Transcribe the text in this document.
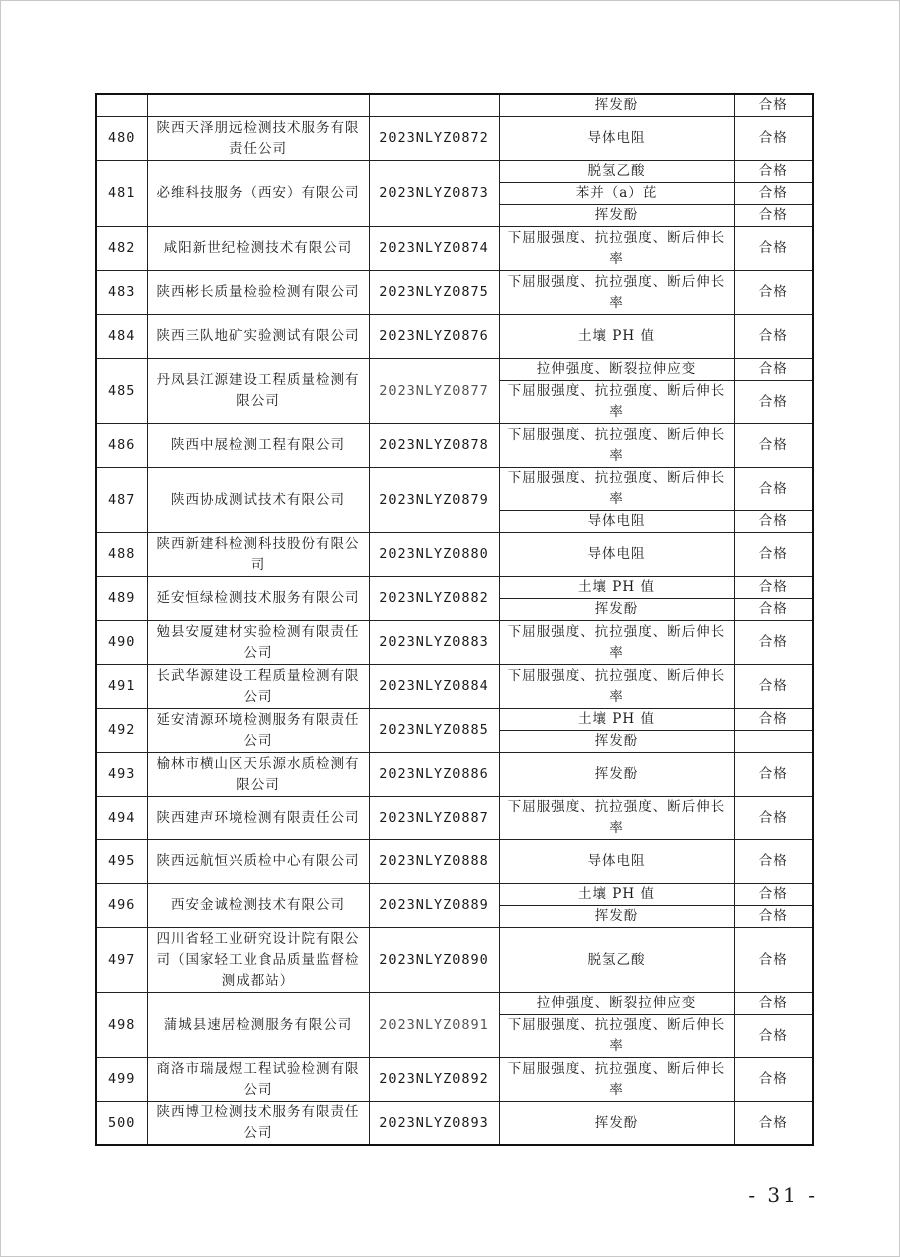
			挥发酚	合格
480	陕西天泽朋远检测技术服务有限责任公司	2023NLYZ0872	导体电阻	合格
481	必维科技服务（西安）有限公司	2023NLYZ0873	脱氢乙酸	合格
			苯并（a）芘	合格
			挥发酚	合格
482	咸阳新世纪检测技术有限公司	2023NLYZ0874	下屈服强度、抗拉强度、断后伸长率	合格
483	陕西彬长质量检验检测有限公司	2023NLYZ0875	下屈服强度、抗拉强度、断后伸长率	合格
484	陕西三队地矿实验测试有限公司	2023NLYZ0876	土壤 PH 值	合格
485	丹凤县江源建设工程质量检测有限公司	2023NLYZ0877	拉伸强度、断裂拉伸应变	合格
			下屈服强度、抗拉强度、断后伸长率	合格
486	陕西中展检测工程有限公司	2023NLYZ0878	下屈服强度、抗拉强度、断后伸长率	合格
487	陕西协成测试技术有限公司	2023NLYZ0879	下屈服强度、抗拉强度、断后伸长率	合格
			导体电阻	合格
488	陕西新建科检测科技股份有限公司	2023NLYZ0880	导体电阻	合格
489	延安恒绿检测技术服务有限公司	2023NLYZ0882	土壤 PH 值	合格
			挥发酚	合格
490	勉县安厦建材实验检测有限责任公司	2023NLYZ0883	下屈服强度、抗拉强度、断后伸长率	合格
491	长武华源建设工程质量检测有限公司	2023NLYZ0884	下屈服强度、抗拉强度、断后伸长率	合格
492	延安清源环境检测服务有限责任公司	2023NLYZ0885	土壤 PH 值	合格
			挥发酚	
493	榆林市横山区天乐源水质检测有限公司	2023NLYZ0886	挥发酚	合格
494	陕西建声环境检测有限责任公司	2023NLYZ0887	下屈服强度、抗拉强度、断后伸长率	合格
495	陕西远航恒兴质检中心有限公司	2023NLYZ0888	导体电阻	合格
496	西安金诚检测技术有限公司	2023NLYZ0889	土壤 PH 值	合格
			挥发酚	合格
497	四川省轻工业研究设计院有限公司（国家轻工业食品质量监督检测成都站）	2023NLYZ0890	脱氢乙酸	合格
498	蒲城县速居检测服务有限公司	2023NLYZ0891	拉伸强度、断裂拉伸应变	合格
			下屈服强度、抗拉强度、断后伸长率	合格
499	商洛市瑞晟煜工程试验检测有限公司	2023NLYZ0892	下屈服强度、抗拉强度、断后伸长率	合格
500	陕西博卫检测技术服务有限责任公司	2023NLYZ0893	挥发酚	合格
- 31 -
